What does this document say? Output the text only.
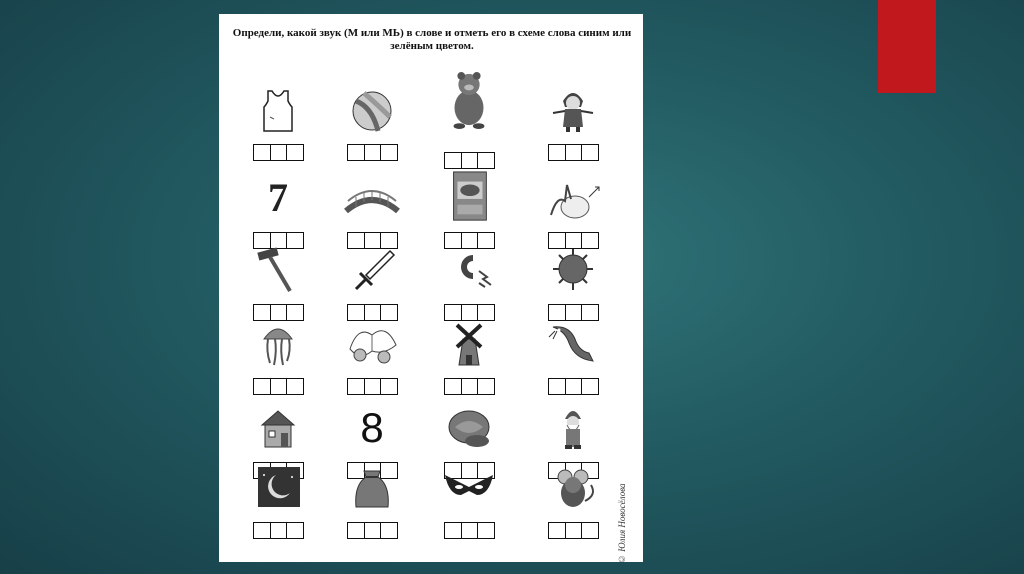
Определи, какой звук (М или МЬ) в слове и отметь его в схеме слова синим или зелёным цветом.
7
8
© Юлия Новосёлова
